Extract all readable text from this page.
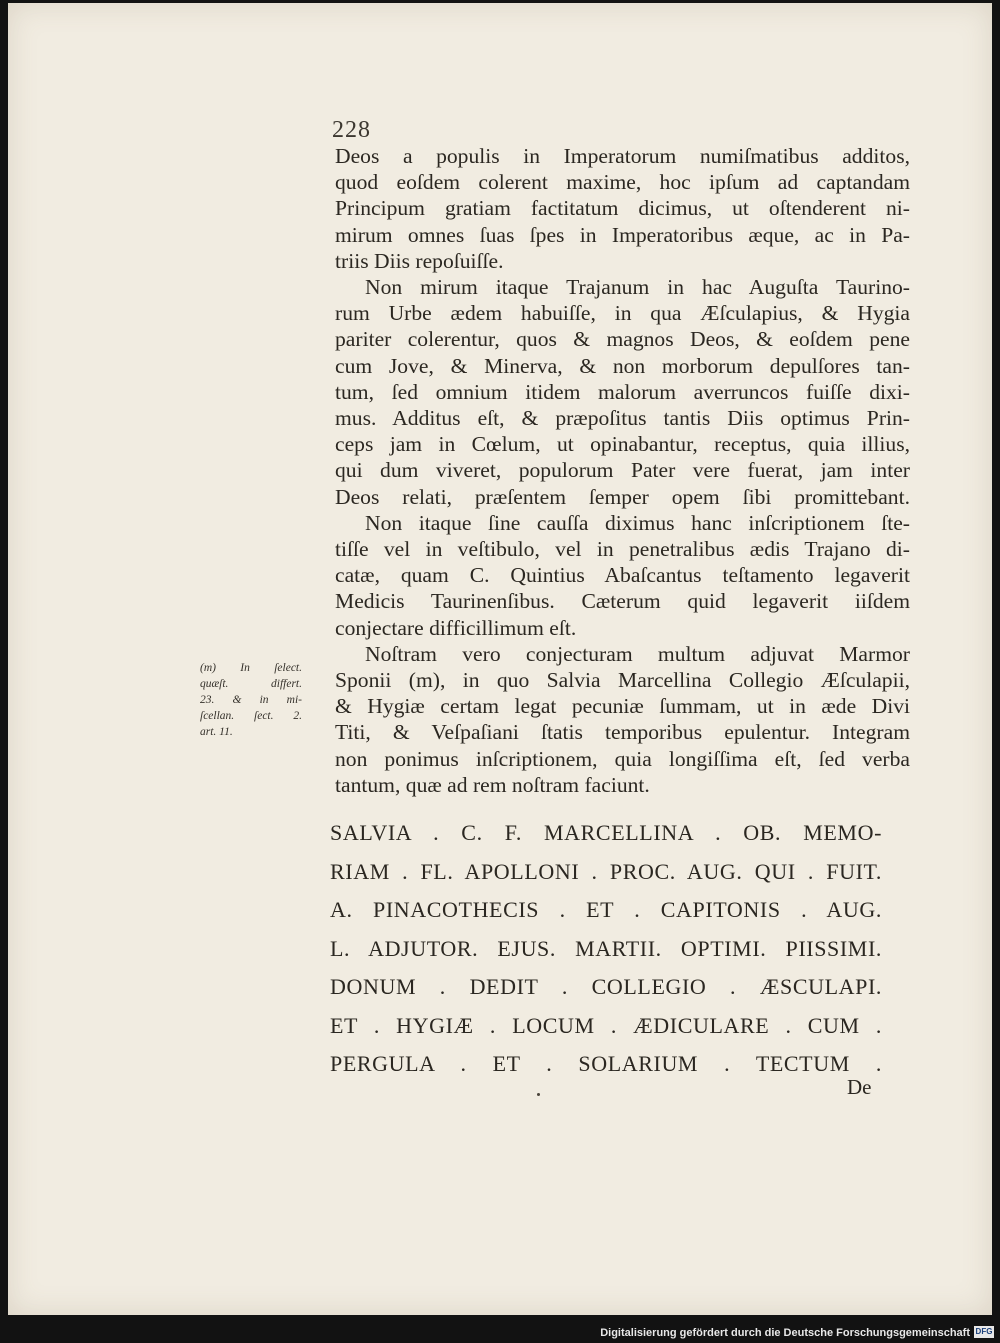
228

Deos a populis in Imperatorum numiſmatibus additos,
quod eoſdem colerent maxime, hoc ipſum ad captandam
Principum gratiam factitatum dicimus, ut oſtenderent ni-
mirum omnes ſuas ſpes in Imperatoribus æque, ac in Pa-
triis Diis repoſuiſſe.

Non mirum itaque Trajanum in hac Auguſta Taurino-
rum Urbe ædem habuiſſe, in qua Æſculapius, & Hygia
pariter colerentur, quos & magnos Deos, & eoſdem pene
cum Jove, & Minerva, & non morborum depulſores tan-
tum, ſed omnium itidem malorum averruncos fuiſſe dixi-
mus. Additus eſt, & præpoſitus tantis Diis optimus Prin-
ceps jam in Cœlum, ut opinabantur, receptus, quia illius,
qui dum viveret, populorum Pater vere fuerat, jam inter
Deos relati, præſentem ſemper opem ſibi promittebant.

Non itaque ſine cauſſa diximus hanc inſcriptionem ſte-
tiſſe vel in veſtibulo, vel in penetralibus ædis Trajano di-
catæ, quam C. Quintius Abaſcantus teſtamento legaverit
Medicis Taurinenſibus. Cæterum quid legaverit iiſdem
conjectare difficillimum eſt.

Noſtram vero conjecturam multum adjuvat Marmor
Sponii (m), in quo Salvia Marcellina Collegio Æſculapii,
& Hygiæ certam legat pecuniæ ſummam, ut in æde Divi
Titi, & Veſpaſiani ſtatis temporibus epulentur. Integram
non ponimus inſcriptionem, quia longiſſima eſt, ſed verba
tantum, quæ ad rem noſtram faciunt.

(m) In ſelect.
quæſt. differt.
23. & in mi-
ſcellan. ſect. 2.
art. 11.
SALVIA . C. F. MARCELLINA . OB. MEMO-
RIAM . FL. APOLLONI . PROC. AUG. QUI . FUIT.
A. PINACOTHECIS . ET . CAPITONIS . AUG.
L. ADJUTOR. EJUS. MARTII. OPTIMI. PIISSIMI.
DONUM . DEDIT . COLLEGIO . ÆSCULAPI.
ET . HYGIÆ . LOCUM . ÆDICULARE . CUM .
PERGULA . ET . SOLARIUM . TECTUM .
De
Digitalisierung gefördert durch die Deutsche Forschungsgemeinschaft DFG
